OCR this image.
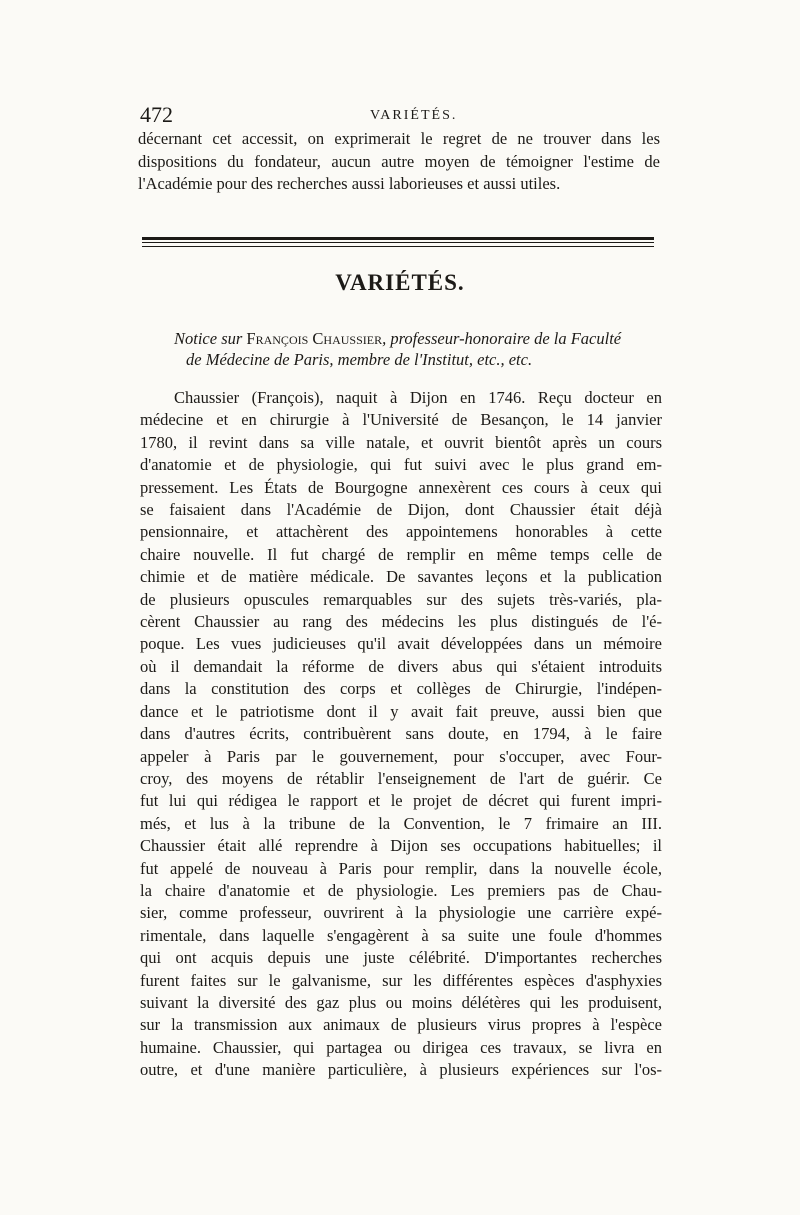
472	VARIÉTÉS.
décernant cet accessit, on exprimerait le regret de ne trouver dans les dispositions du fondateur, aucun autre moyen de témoigner l'estime de l'Académie pour des recherches aussi laborieuses et aussi utiles.
VARIÉTÉS.
Notice sur François Chaussier, professeur-honoraire de la Faculté
de Médecine de Paris, membre de l'Institut, etc., etc.
Chaussier (François), naquit à Dijon en 1746. Reçu docteur en
médecine et en chirurgie à l'Université de Besançon, le 14 janvier
1780, il revint dans sa ville natale, et ouvrit bientôt après un cours
d'anatomie et de physiologie, qui fut suivi avec le plus grand em-
pressement. Les États de Bourgogne annexèrent ces cours à ceux qui
se faisaient dans l'Académie de Dijon, dont Chaussier était déjà
pensionnaire, et attachèrent des appointemens honorables à cette
chaire nouvelle. Il fut chargé de remplir en même temps celle de
chimie et de matière médicale. De savantes leçons et la publication
de plusieurs opuscules remarquables sur des sujets très-variés, pla-
cèrent Chaussier au rang des médecins les plus distingués de l'é-
poque. Les vues judicieuses qu'il avait développées dans un mémoire
où il demandait la réforme de divers abus qui s'étaient introduits
dans la constitution des corps et collèges de Chirurgie, l'indépen-
dance et le patriotisme dont il y avait fait preuve, aussi bien que
dans d'autres écrits, contribuèrent sans doute, en 1794, à le faire
appeler à Paris par le gouvernement, pour s'occuper, avec Four-
croy, des moyens de rétablir l'enseignement de l'art de guérir. Ce
fut lui qui rédigea le rapport et le projet de décret qui furent impri-
més, et lus à la tribune de la Convention, le 7 frimaire an III.
Chaussier était allé reprendre à Dijon ses occupations habituelles; il
fut appelé de nouveau à Paris pour remplir, dans la nouvelle école,
la chaire d'anatomie et de physiologie. Les premiers pas de Chau-
sier, comme professeur, ouvrirent à la physiologie une carrière expé-
rimentale, dans laquelle s'engagèrent à sa suite une foule d'hommes
qui ont acquis depuis une juste célébrité. D'importantes recherches
furent faites sur le galvanisme, sur les différentes espèces d'asphyxies
suivant la diversité des gaz plus ou moins délétères qui les produisent,
sur la transmission aux animaux de plusieurs virus propres à l'espèce
humaine. Chaussier, qui partagea ou dirigea ces travaux, se livra en
outre, et d'une manière particulière, à plusieurs expériences sur l'os-
